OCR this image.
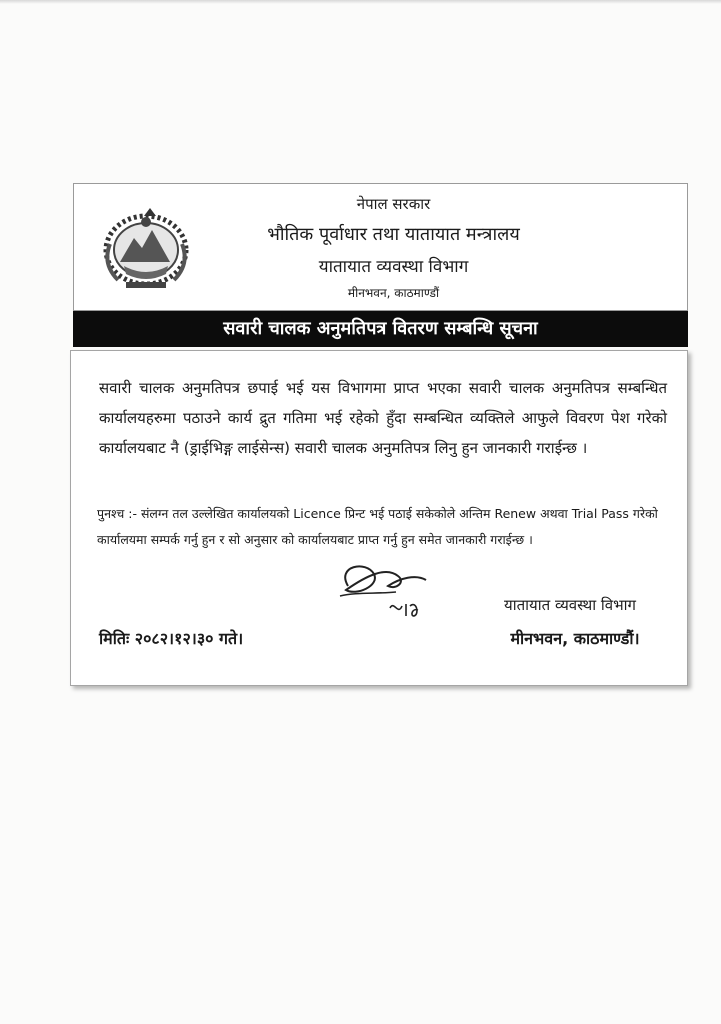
नेपाल सरकार
भौतिक पूर्वाधार तथा यातायात मन्त्रालय
यातायात व्यवस्था विभाग
मीनभवन, काठमाण्डौं
सवारी चालक अनुमतिपत्र वितरण सम्बन्धि सूचना

सवारी चालक अनुमतिपत्र छपाई भई यस विभागमा प्राप्त भएका सवारी चालक अनुमतिपत्र सम्बन्धित कार्यालयहरुमा पठाउने कार्य द्रुत गतिमा भई रहेको हुँदा सम्बन्धित व्यक्तिले आफुले विवरण पेश गरेको कार्यालयबाट नै (ड्राईभिङ्ग लाईसेन्स) सवारी चालक अनुमतिपत्र लिनु हुन जानकारी गराईन्छ ।

पुनश्च :- संलग्न तल उल्लेखित कार्यालयको Licence प्रिन्ट भई पठाई सकेकोले अन्तिम Renew अथवा Trial Pass गरेको कार्यालयमा सम्पर्क गर्नु हुन र सो अनुसार को कार्यालयबाट प्राप्त गर्नु हुन समेत जानकारी गराईन्छ ।

मितिः २०८२।१२।३० गते।
यातायात व्यवस्था विभाग
मीनभवन, काठमाण्डौं।
